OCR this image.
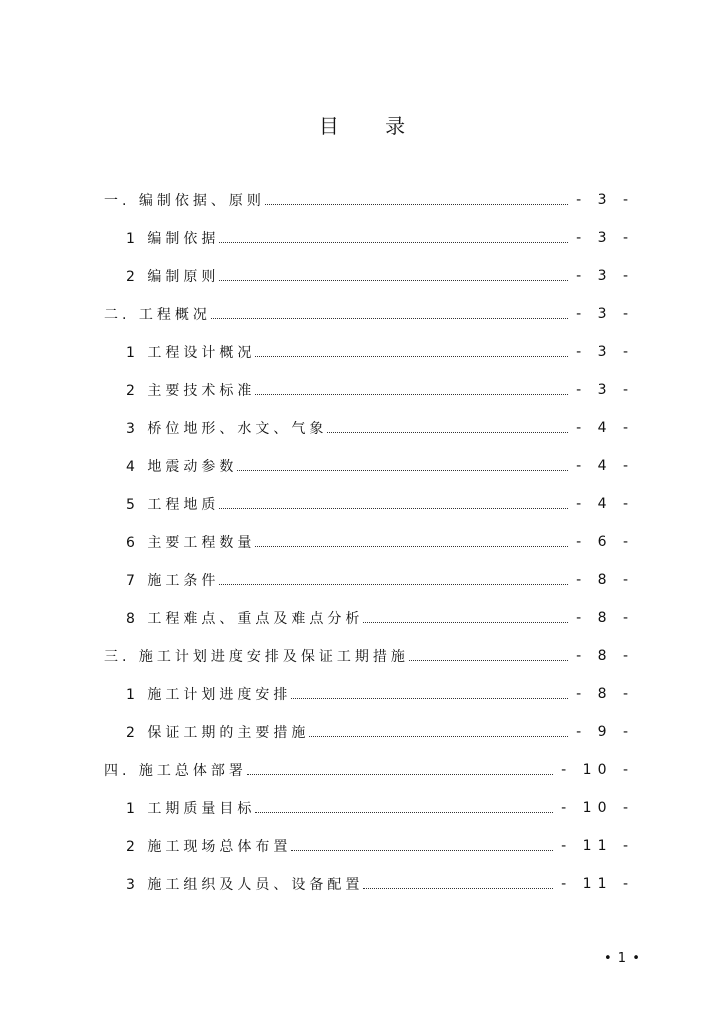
目 录
一. 编制依据、原则	- 3 -
1 编制依据	- 3 -
2 编制原则	- 3 -
二. 工程概况	- 3 -
1 工程设计概况	- 3 -
2 主要技术标准	- 3 -
3 桥位地形、水文、气象	- 4 -
4 地震动参数	- 4 -
5 工程地质	- 4 -
6 主要工程数量	- 6 -
7 施工条件	- 8 -
8 工程难点、重点及难点分析	- 8 -
三. 施工计划进度安排及保证工期措施	- 8 -
1 施工计划进度安排	- 8 -
2 保证工期的主要措施	- 9 -
四. 施工总体部署	- 10 -
1 工期质量目标	- 10 -
2 施工现场总体布置	- 11 -
3 施工组织及人员、设备配置	- 11 -
• 1 •
